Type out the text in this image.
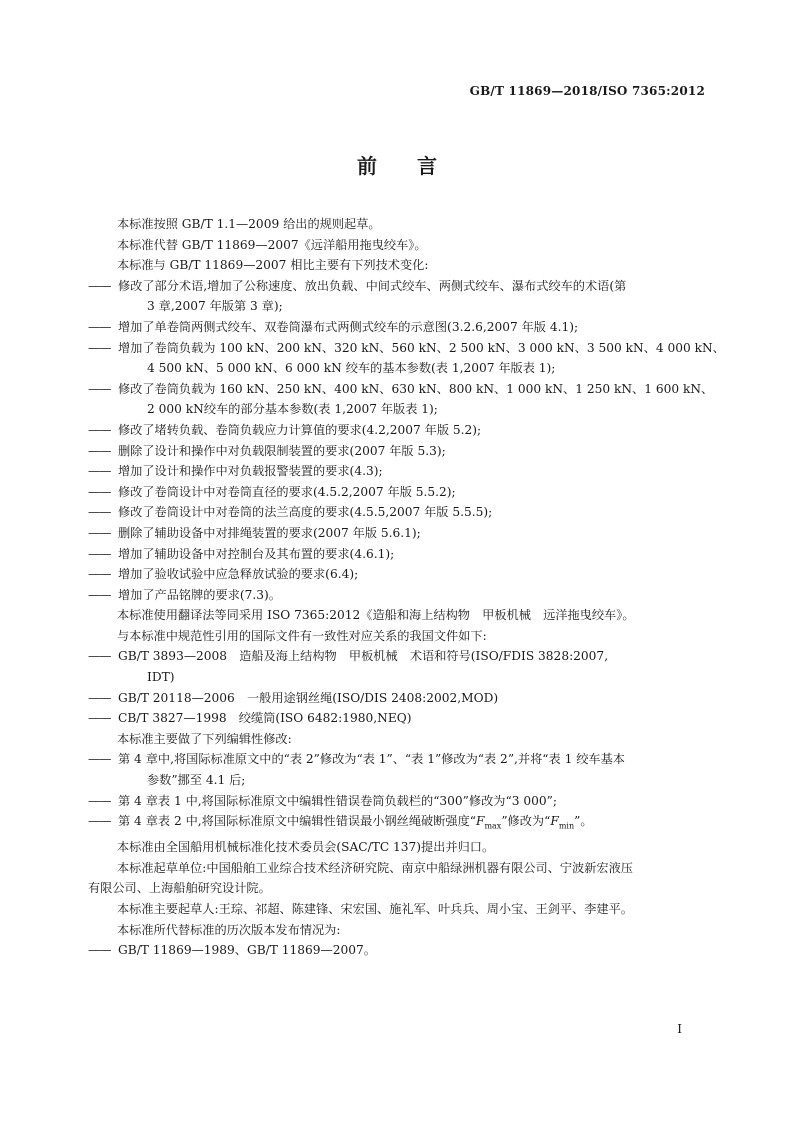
GB/T 11869—2018/ISO 7365:2012
前言
本标准按照 GB/T 1.1—2009 给出的规则起草。
本标准代替 GB/T 11869—2007《远洋船用拖曳绞车》。
本标准与 GB/T 11869—2007 相比主要有下列技术变化:
—— 修改了部分术语,增加了公称速度、放出负载、中间式绞车、两侧式绞车、瀑布式绞车的术语(第
3 章,2007 年版第 3 章);
—— 增加了单卷筒两侧式绞车、双卷筒瀑布式两侧式绞车的示意图(3.2.6,2007 年版 4.1);
—— 增加了卷筒负载为 100 kN、200 kN、320 kN、560 kN、2 500 kN、3 000 kN、3 500 kN、4 000 kN、
4 500 kN、5 000 kN、6 000 kN 绞车的基本参数(表 1,2007 年版表 1);
—— 修改了卷筒负载为 160 kN、250 kN、400 kN、630 kN、800 kN、1 000 kN、1 250 kN、1 600 kN、
2 000 kN绞车的部分基本参数(表 1,2007 年版表 1);
—— 修改了堵转负载、卷筒负载应力计算值的要求(4.2,2007 年版 5.2);
—— 删除了设计和操作中对负载限制装置的要求(2007 年版 5.3);
—— 增加了设计和操作中对负载报警装置的要求(4.3);
—— 修改了卷筒设计中对卷筒直径的要求(4.5.2,2007 年版 5.5.2);
—— 修改了卷筒设计中对卷筒的法兰高度的要求(4.5.5,2007 年版 5.5.5);
—— 删除了辅助设备中对排绳装置的要求(2007 年版 5.6.1);
—— 增加了辅助设备中对控制台及其布置的要求(4.6.1);
—— 增加了验收试验中应急释放试验的要求(6.4);
—— 增加了产品铭牌的要求(7.3)。
本标准使用翻译法等同采用 ISO 7365:2012《造船和海上结构物　甲板机械　远洋拖曳绞车》。
与本标准中规范性引用的国际文件有一致性对应关系的我国文件如下:
—— GB/T 3893—2008　造船及海上结构物　甲板机械　术语和符号(ISO/FDIS 3828:2007,
IDT)
—— GB/T 20118—2006　一般用途钢丝绳(ISO/DIS 2408:2002,MOD)
—— CB/T 3827—1998　绞缆筒(ISO 6482:1980,NEQ)
本标准主要做了下列编辑性修改:
—— 第 4 章中,将国际标准原文中的“表 2”修改为“表 1”、“表 1”修改为“表 2”,并将“表 1 绞车基本
参数”挪至 4.1 后;
—— 第 4 章表 1 中,将国际标准原文中编辑性错误卷筒负载栏的“300”修改为“3 000”;
—— 第 4 章表 2 中,将国际标准原文中编辑性错误最小钢丝绳破断强度“$F_{max}$”修改为“$F_{min}$”。
本标准由全国船用机械标准化技术委员会(SAC/TC 137)提出并归口。
本标准起草单位:中国船舶工业综合技术经济研究院、南京中船绿洲机器有限公司、宁波新宏液压
有限公司、上海船舶研究设计院。
本标准主要起草人:王琮、祁超、陈建锋、宋宏国、施礼军、叶兵兵、周小宝、王剑平、李建平。
本标准所代替标准的历次版本发布情况为:
—— GB/T 11869—1989、GB/T 11869—2007。
I
